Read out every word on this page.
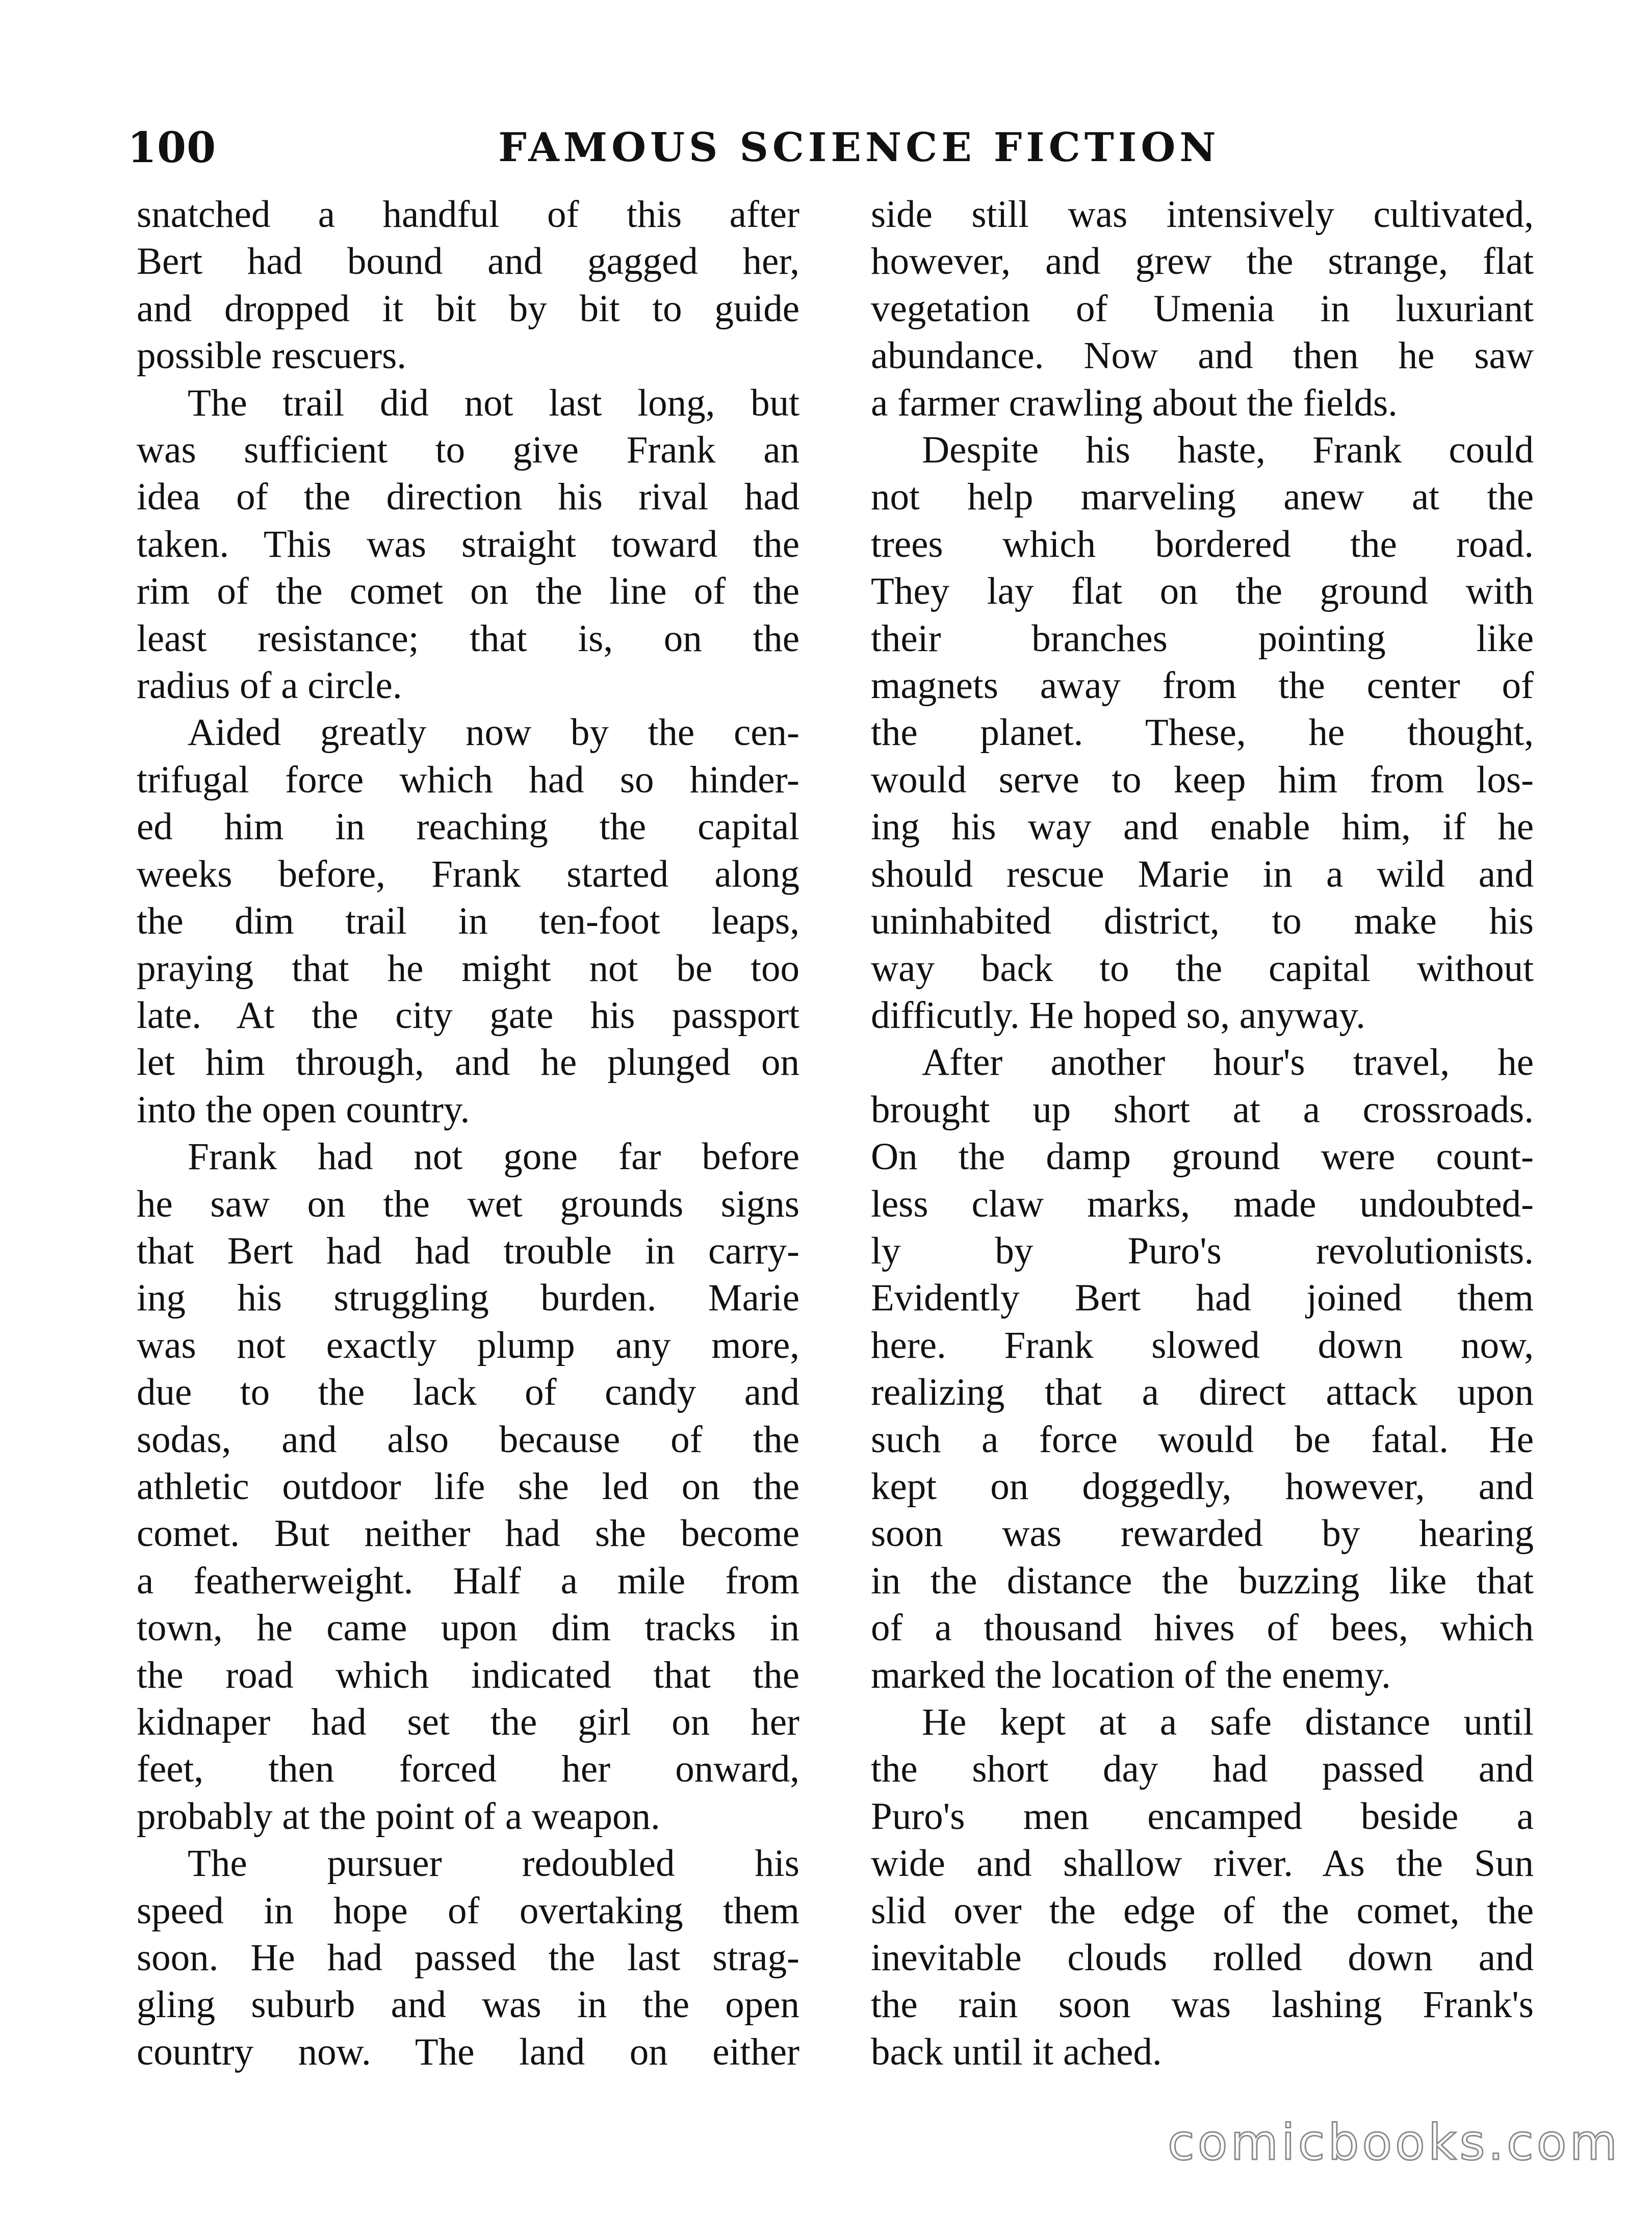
100	FAMOUS SCIENCE FICTION
snatched a handful of this after
Bert had bound and gagged her,
and dropped it bit by bit to guide
possible rescuers.
The trail did not last long, but
was sufficient to give Frank an
idea of the direction his rival had
taken. This was straight toward the
rim of the comet on the line of the
least resistance; that is, on the
radius of a circle.
Aided greatly now by the cen-
trifugal force which had so hinder-
ed him in reaching the capital
weeks before, Frank started along
the dim trail in ten-foot leaps,
praying that he might not be too
late. At the city gate his passport
let him through, and he plunged on
into the open country.
Frank had not gone far before
he saw on the wet grounds signs
that Bert had had trouble in carry-
ing his struggling burden. Marie
was not exactly plump any more,
due to the lack of candy and
sodas, and also because of the
athletic outdoor life she led on the
comet. But neither had she become
a featherweight. Half a mile from
town, he came upon dim tracks in
the road which indicated that the
kidnaper had set the girl on her
feet, then forced her onward,
probably at the point of a weapon.
The pursuer redoubled his
speed in hope of overtaking them
soon. He had passed the last strag-
gling suburb and was in the open
country now. The land on either
side still was intensively cultivated,
however, and grew the strange, flat
vegetation of Umenia in luxuriant
abundance. Now and then he saw
a farmer crawling about the fields.
Despite his haste, Frank could
not help marveling anew at the
trees which bordered the road.
They lay flat on the ground with
their branches pointing like
magnets away from the center of
the planet. These, he thought,
would serve to keep him from los-
ing his way and enable him, if he
should rescue Marie in a wild and
uninhabited district, to make his
way back to the capital without
difficutly. He hoped so, anyway.
After another hour's travel, he
brought up short at a crossroads.
On the damp ground were count-
less claw marks, made undoubted-
ly by Puro's revolutionists.
Evidently Bert had joined them
here. Frank slowed down now,
realizing that a direct attack upon
such a force would be fatal. He
kept on doggedly, however, and
soon was rewarded by hearing
in the distance the buzzing like that
of a thousand hives of bees, which
marked the location of the enemy.
He kept at a safe distance until
the short day had passed and
Puro's men encamped beside a
wide and shallow river. As the Sun
slid over the edge of the comet, the
inevitable clouds rolled down and
the rain soon was lashing Frank's
back until it ached.
comicbooks.com
